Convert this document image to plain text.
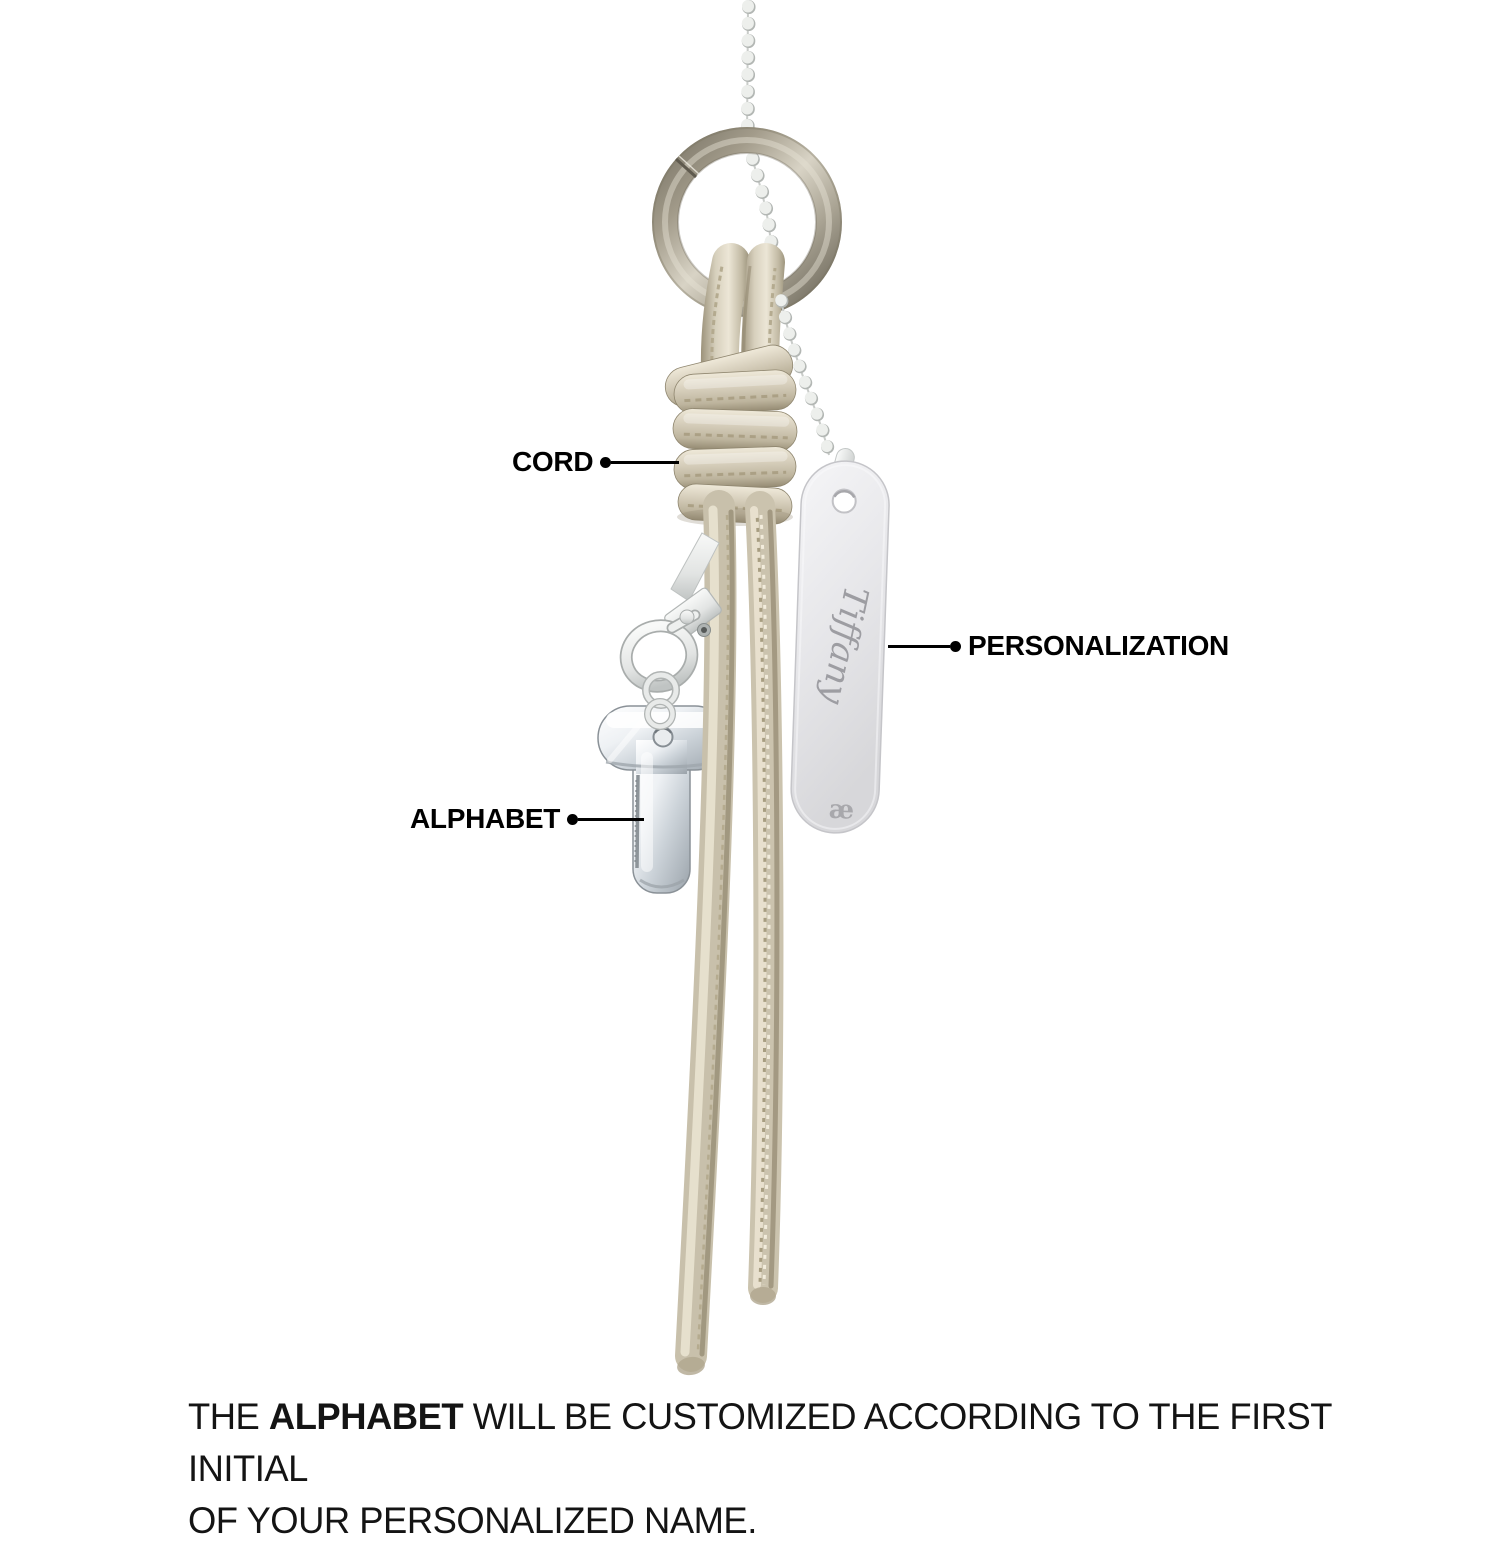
Tiffany
æ
CORD
PERSONALIZATION
ALPHABET
THE ALPHABET WILL BE CUSTOMIZED ACCORDING TO THE FIRST INITIAL
OF YOUR PERSONALIZED NAME.
